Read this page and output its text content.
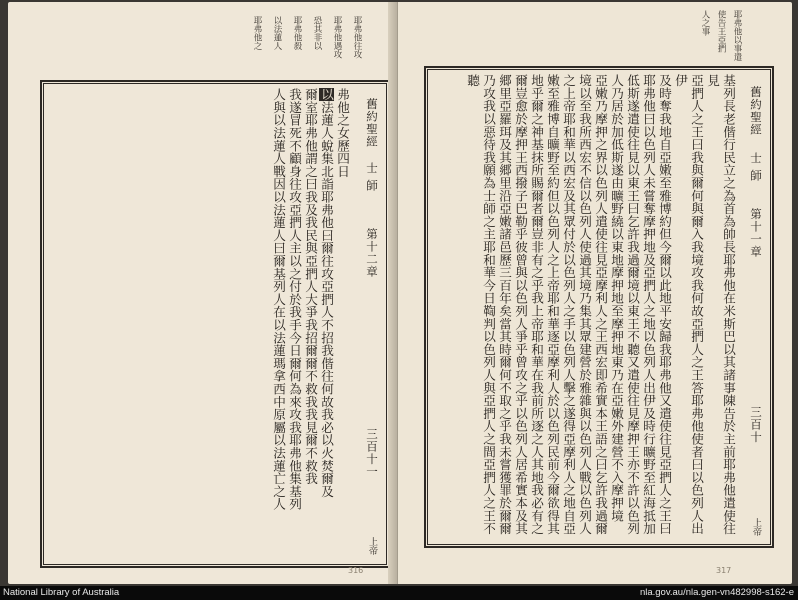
耶弗他往攻
耶弗他遇攻
恐其非以
耶弗他殺
以法蓮人
耶弗他之
舊約聖經
士師
第十二章
三百十一
上帝
弗他之女歷四日
以法蓮人蛻集北詣耶弗他曰爾往攻亞捫人不招我偕往何故我必以火焚爾及
爾室耶弗他謂之曰我及我民與亞捫人大爭我招爾爾不救我我見爾不救我
我遂冒死不顧身往攻亞捫人主以之付於我手今日爾何為來攻我耶弗他集基列
人與以法蓮人戰因以法蓮人曰爾基列人在以法蓮瑪拿西中原屬以法蓮亡之人

316
耶弗他以事遣
使告王亞捫
人之事
舊約聖經
士師
第十一章
三百十
上帝
基列長老偕行民立之為首為帥長耶弗他在米斯巴以其諸事陳告於主前耶弗他遣使往見
亞捫人之王曰我與爾何與爾入我境攻我何故亞捫人之王答耶弗他使者曰以色列人出伊
及時奪我地自亞嫩至雅博約但今爾以此地平安歸我耶弗他又遣使往見亞捫人之王曰
耶弗他曰以色列人未嘗奪摩押地及亞捫人之地以色列人出伊及時行曠野至紅海抵加
低斯遂遣使往見以東王曰乞許我過爾境以東王不聽又遣使往見摩押王亦不許以色列
人乃居於加低斯遂由曠野繞以東地摩押地至摩押地東乃在亞嫩外建營不入摩押境
亞嫩乃摩押之界以色列人遣使往見亞摩利人之王西宏即希實本王語之曰乞許我過爾
境以至我所西宏不信以色列人使過其境乃集其眾建營於雅雜與以色列人戰以色列人
之上帝耶和華以西宏及其眾付於以色列人之手以色列人擊之遂得亞摩利人之地自亞
嫩至雅博自曠野至約但以色列人之上帝耶和華逐亞摩利人於以色列民前今爾欲得其
地乎爾之神基抹所賜爾者爾豈非有之乎我上帝耶和華在我前所逐之人其地我必有之
爾豈愈於摩押王西撥子巴勒乎彼曾與以色列人爭乎曾攻之乎以色列人居希實本及其
郷里亞羅珥及其郷里沿亞嫩諸邑歷三百年矣當其時爾何不取之乎我未嘗獲罪於爾爾
乃攻我以惡待我願為士師之主耶和華今日鞫判以色列人與亞捫人之間亞捫人之王不聽

317
National Library of Australia	nla.gov.au/nla.gen-vn482998-s162-e
